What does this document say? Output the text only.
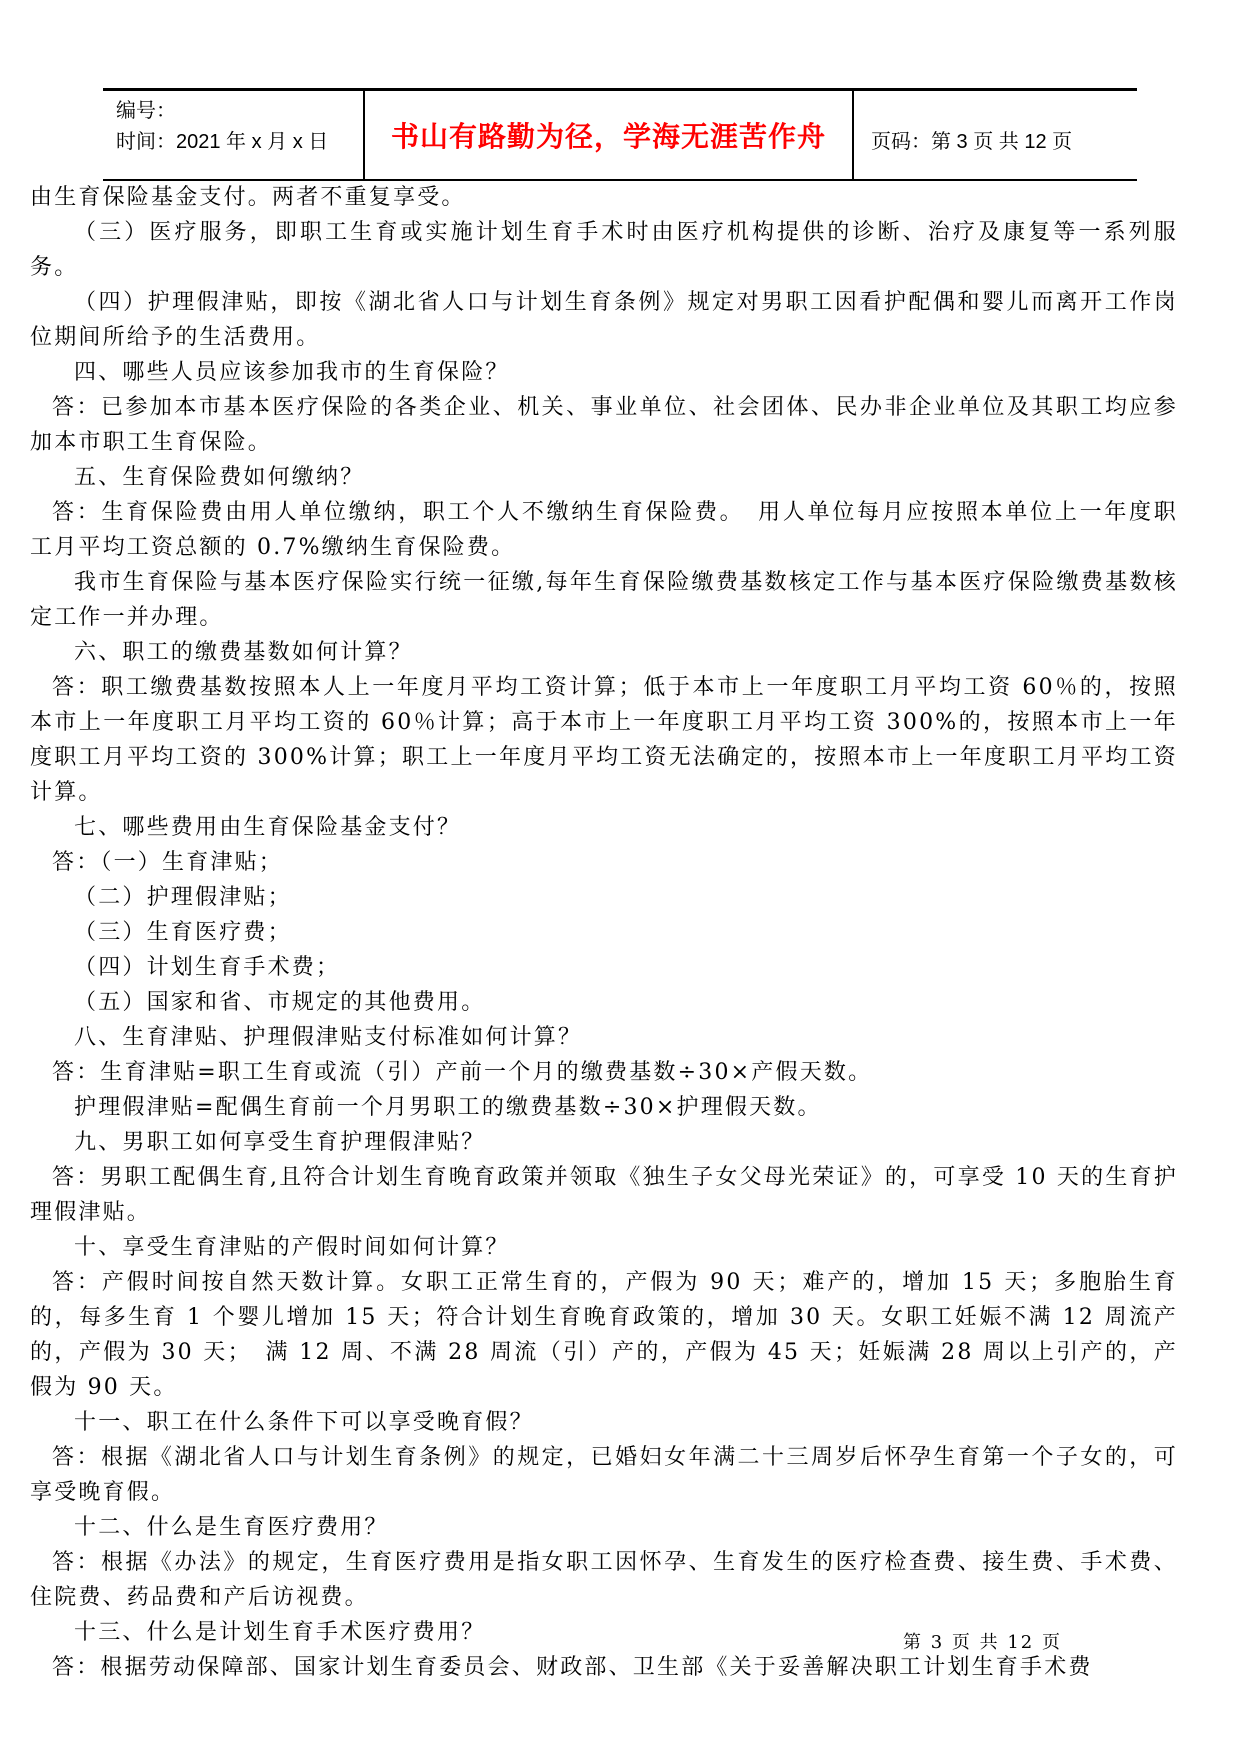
编号：
时间：2021 年 x 月 x 日	书山有路勤为径，学海无涯苦作舟 页码：第 3 页 共 12 页
由生育保险基金支付。两者不重复享受。
（三）医疗服务，即职工生育或实施计划生育手术时由医疗机构提供的诊断、治疗及康复等一系列服务。
（四）护理假津贴，即按《湖北省人口与计划生育条例》规定对男职工因看护配偶和婴儿而离开工作岗位期间所给予的生活费用。
四、哪些人员应该参加我市的生育保险？
答：已参加本市基本医疗保险的各类企业、机关、事业单位、社会团体、民办非企业单位及其职工均应参加本市职工生育保险。
五、生育保险费如何缴纳？
答：生育保险费由用人单位缴纳，职工个人不缴纳生育保险费。　用人单位每月应按照本单位上一年度职工月平均工资总额的 0.7%缴纳生育保险费。
我市生育保险与基本医疗保险实行统一征缴,每年生育保险缴费基数核定工作与基本医疗保险缴费基数核定工作一并办理。
六、职工的缴费基数如何计算？
答：职工缴费基数按照本人上一年度月平均工资计算；低于本市上一年度职工月平均工资 60％的，按照本市上一年度职工月平均工资的 60％计算；高于本市上一年度职工月平均工资 300%的，按照本市上一年度职工月平均工资的 300%计算；职工上一年度月平均工资无法确定的，按照本市上一年度职工月平均工资计算。
七、哪些费用由生育保险基金支付？
答：（一）生育津贴；
（二）护理假津贴；
（三）生育医疗费；
（四）计划生育手术费；
（五）国家和省、市规定的其他费用。
八、生育津贴、护理假津贴支付标准如何计算？
答：生育津贴=职工生育或流（引）产前一个月的缴费基数÷30×产假天数。
护理假津贴=配偶生育前一个月男职工的缴费基数÷30×护理假天数。
九、男职工如何享受生育护理假津贴？
答：男职工配偶生育,且符合计划生育晚育政策并领取《独生子女父母光荣证》的，可享受 10 天的生育护理假津贴。
十、享受生育津贴的产假时间如何计算？
答：产假时间按自然天数计算。女职工正常生育的，产假为 90 天；难产的，增加 15 天；多胞胎生育的，每多生育 1 个婴儿增加 15 天；符合计划生育晚育政策的，增加 30 天。女职工妊娠不满 12 周流产的，产假为 30 天；　满 12 周、不满 28 周流（引）产的，产假为 45 天；妊娠满 28 周以上引产的，产假为 90 天。
十一、职工在什么条件下可以享受晚育假？
答：根据《湖北省人口与计划生育条例》的规定，已婚妇女年满二十三周岁后怀孕生育第一个子女的，可享受晚育假。
十二、什么是生育医疗费用？
答：根据《办法》的规定，生育医疗费用是指女职工因怀孕、生育发生的医疗检查费、接生费、手术费、住院费、药品费和产后访视费。
十三、什么是计划生育手术医疗费用？
答：根据劳动保障部、国家计划生育委员会、财政部、卫生部《关于妥善解决职工计划生育手术费
第 3 页 共 12 页
